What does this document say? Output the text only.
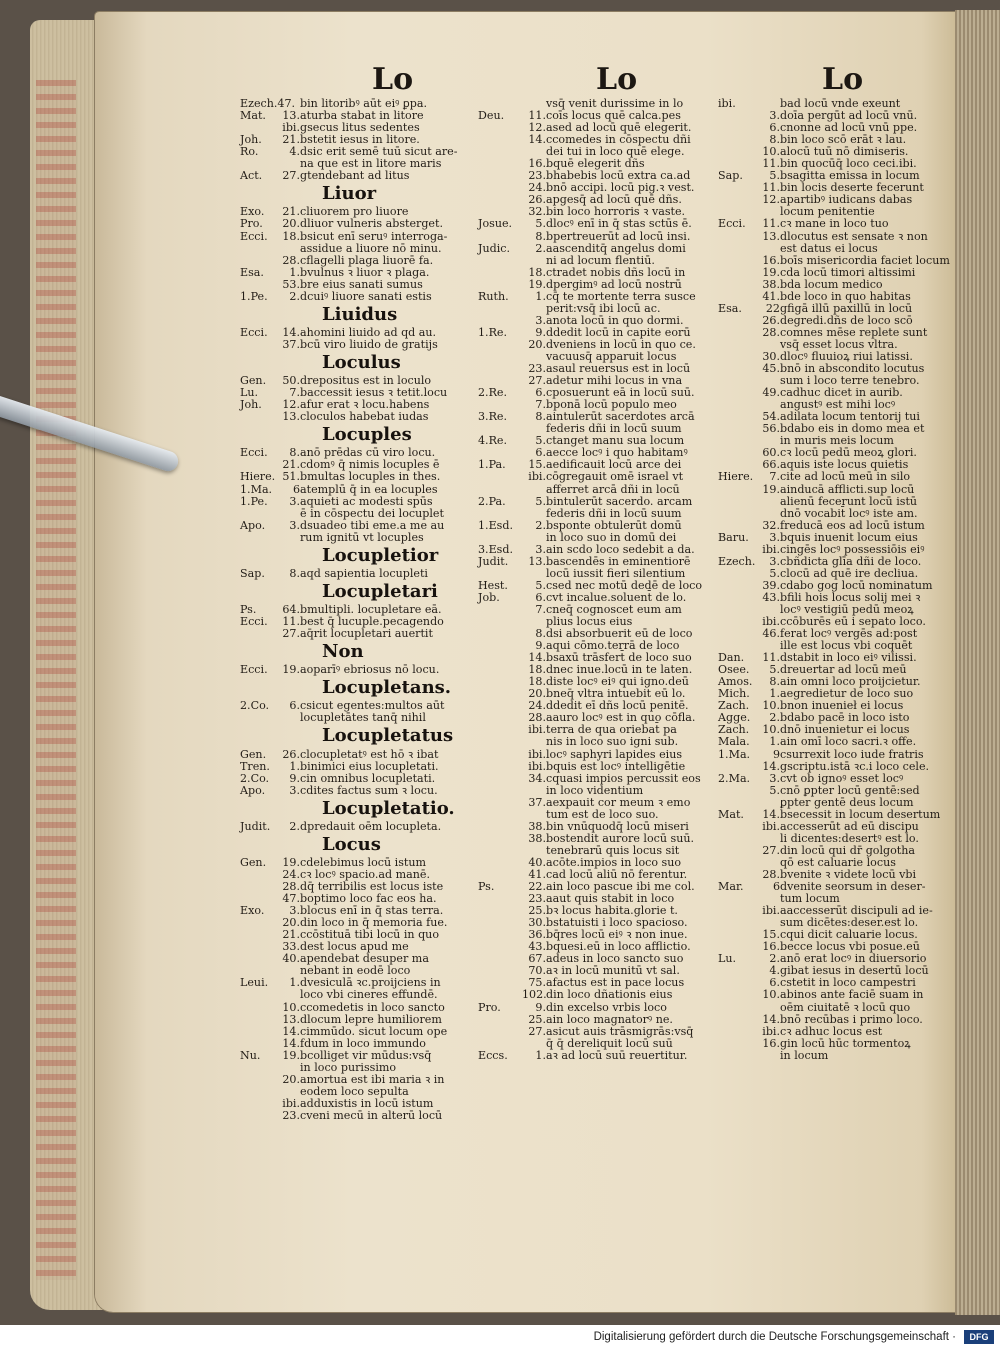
Lo	Lo	Lo
Ezech.47. bin litoribꝰ aūt eiꝰ ꝑpa.
Mat. 13.aturba stabat in litore
ibi.gsecus litus sedentes
Joh. 21.bstetit iesus in litore.
Ro.	4.dsic erit semē tuū sicut are-
na que est in litore maris
Act. 27.gtendebant ad litus
Liuor
Exo. 21.cliuorem pro liuore
Pro. 20.dliuor vulneris absterget.
Ecci. 18.bsicut enī seruꝰ interroga-
assidue a liuore nō minu.
28.cflagelli plaga liuorē fa.
Esa. 1.bvulnus ꝛ liuor ꝛ plaga.
53.bre eius sanati sumus
1.Pe. 2.dcuiꝰ liuore sanati estis
Liuidus
Ecci. 14.ahomini liuido ad qd au.
37.bcū viro liuido de gratijs
Loculus
Gen. 50.drepositus est in loculo
Lu.	7.baccessit iesus ꝛ tetit.locu
Joh. 12.afur erat ꝛ locu.habens
13.cloculos habebat iudas
Locuples
Ecci. 8.anō prēdas cū viro locu.
21.cdomꝰ q̄ nimis locuples ē
Hiere. 51.bmultas locuples in thes.
1.Ma. 6atemplū q̄ in ea locuples
1.Pe. 3.aquieti ac modesti spūs
ē in cōspectu dei locuplet
Apo. 3.dsuadeo tibi eme.a me au
rum ignitū vt locuples
Locupletior
Sap. 8.aqd sapientia locupleti
Locupletari
Ps. 64.bmultipli. locupletare eā.
Ecci. 11.best q̄ lucuple.pecagendo
27.aq̄rit locupletari auertit
Non
Ecci. 19.aoparīꝰ ebriosus nō locu.
Locupletans.
2.Co. 6.csicut egentes:multos aūt
locupletātes tanq̄ nihil
Locupletatus
Gen. 26.clocupletatꝰ est hō ꝛ ibat
Tren. 1.binimici eius locupletati.
2.Co. 9.cin omnibus locupletati.
Apo. 3.cdites factus sum ꝛ locu.
Locupletatio.
Judit. 2.dpredauit oēm locupleta.
Locus
Gen. 19.cdelebimus locū istum
24.cꝛ locꝰ spacio.ad manē.
28.dq̄ terribilis est locus iste
47.boptimo loco fac eos ha.
Exo. 3.blocus enī in q̄ stas terra.
20.din loco in q̄ memoria fue.
21.ccōstituā tibi locū in quo
33.dest locus apud me
40.apendebat desuper ma
nebant in eodē loco
Leui. 1.dvesiculā ꝛc.proijciens in
loco vbi cineres effundē.
10.ccomedetis in loco sancto
13.dlocum lepre humiliorem
14.cimmūdo. sicut locum ope
14.fdum in loco immundo
Nu. 19.bcolliget vir mūdus:vsq̄
in loco purissimo
20.amortua est ibi maria ꝛ in
eodem loco sepulta
ibi.adduxistis in locū istum
23.cveni mecū in alterū locū
vsq̄ venit durissime in lo
Deu. 11.coīs locus quē calca.pes
12.ased ad locū quē elegerit.
14.ccomedes in cōspectu dñi
dei tui in loco quē elege.
16.bquē elegerit dñs
23.bhabebis locū extra ca.ad
24.bnō accipi. locū pig.ꝛ vest.
26.apgesq̄ ad locū quē dñs.
32.bin loco horroris ꝛ vaste.
Josue. 5.dlocꝰ enī in q̄ stas sctūs ē.
8.bpertreuerūt ad locū insi.
Judic. 2.aascenditq̄ angelus domi
ni ad locum flentiū.
18.ctradet nobis dñs locū in
19.dpergimꝰ ad locū nostrū
Ruth. 1.cq̄ te mortente terra susce
perit:vsq̄ ibi locū ac.
3.anota locū in quo dormi.
1.Re.	9.ddedit locū in capite eorū
20.dveniens in locū in quo ce.
vacuusq̄ apparuit locus
23.asaul reuersus est in locū
27.adetur mihi locus in vna
2.Re.	6.cposuerunt eā in locū suū.
7.bponā locū populo meo
3.Re.	8.aintulerūt sacerdotes arcā
federis dñi in locū suum
4.Re.	5.ctanget manu sua locum
6.aecce locꝰ i quo habitamꝰ
1.Pa. 15.aedificauit locū arce dei
ibi.cōgregauit omē israel vt
afferret arcā dñi in locū
2.Pa.	5.bintulerūt sacerdo. arcam
federis dñi in locū suum
1.Esd. 2.bsponte obtulerūt domū
in loco suo in domū dei
3.Esd. 3.ain scdo loco sedebit a da.
Judit. 13.bascendēs in eminentiorē
locū iussit fieri silentium
Hest. 5.csed nec motū dedē de loco
Job.	6.cvt incalue.soluent̄ de lo.
7.cneq̄ cognoscet eum am
plius locus eius
8.dsi absorbuerit eū de loco
9.aqui cōmo.terrā de loco
14.bsaxū trāsfert̄ de loco suo
18.dnec inue.locū in te laten.
18.diste locꝰ eiꝰ qui igno.deū
20.bneq̄ vltra intuebit eū lo.
24.ddedit eī dñs locū penitē.
28.aauro locꝰ est in quo cōfla.
ibi.terra de qua oriebat̄ pa
nis in loco suo igni sub.
ibi.locꝰ saphyri lapides eius
ibi.bquis est locꝰ intelligētie
34.cquasi impios percussit eos
in loco videntium
37.aexpauit cor meum ꝛ emo
tum est de loco suo.
38.bin vnūquodq̄ locū miseri
38.bostendit aurore locū suū.
tenebrarū quis locus sit
40.acōte.impios in loco suo
41.cad locū aliū nō ferentur.
Ps.	22.ain loco pascue ibi me col.
23.aaut quis stabit in loco
25.bꝛ locus habita.glorie t.
30.bstatuisti i loco spacioso.
36.bq̄res locū eiꝰ ꝛ non inue.
43.bquesi.eū in loco afflictio.
67.adeus in loco sancto suo
70.aꝛ in locū munitū vt sal.
75.afactus est in pace locus
102.din loco dñationis eius
Pro.	9.din excelso vrbis loco
25.ain loco magnatorꝰ ne.
27.asicut auis trāsmigrās:vsq̄
q̄ q̄ dereliquit locū suū
Eccs. 1.aꝛ ad locū suū reuertitur.
ibi.	bad locū vnde exeunt
3.doīa pergūt ad locū vnū.
6.cnonne ad locū vnū ppe.
8.bin loco scō erāt ꝛ lau.
10.alocū tuū nō dimiseris.
11.bin quocūq̄ loco ceci.ibi.
Sap. 5.bsagitta emissa in locum
11.bin locis deserte fecerunt
12.apartibꝰ iudicans dabas
locum penitentie
Ecci. 11.cꝛ mane in loco tuo
13.dlocutus est sensate ꝛ non
est datus ei locus
16.boīs misericordia faciet locum
19.cda locū timori altissimi
38.bda locum medico
41.bde loco in quo habitas
Esa. 22gfigā illū paxillū in locū
26.degredi.dñs de loco scō
28.comnes mēse replete sunt
vsq̄ esset locus vltra.
30.dlocꝰ fluuioꝝ riui latissi.
45.bnō in abscondito locutus
sum i loco terre tenebro.
49.cadhuc dicet in aurib.
angustꝰ est mihi locꝰ
54.adilata locum tentorij tui
56.bdabo eis in domo mea et
in muris meis locum
60.cꝛ locū pedū meoꝝ glori.
66.aquis iste locus quietis
Hiere. 7.cite ad locū meū in silo
19.ainducā afflicti.sup locū
alienū fecerunt locū istū
dnō vocabit̄ locꝰ iste am.
32.freducā eos ad locū istum
Baru. 3.bquis inuenit locum eius
ibi.cingēs locꝰ possessiōis eiꝰ
Ezech. 3.cbñdicta glīa dñi de loco.
5.clocū ad quē ire decliua.
39.cdabo gog locū nominatum
43.bfili hois locus solij mei ꝛ
locꝰ vestigiū pedū meoꝝ
ibi.ccōburēs eū i sepato loco.
46.ferat locꝰ vergēs ad:post
ille est locus vbi coquēt
Dan. 11.dstabit in loco eiꝰ vilissi.
Osee. 5.dreuertar ad locū meū
Amos. 8.ain omni loco proijcietur.
Mich. 1.aegredietur de loco suo
Zach. 10.bnon inuenieł ei locus
Agge. 2.bdabo pacē in loco isto
Zach. 10.dnō inuenietur ei locus
Mala. 1.ain omī loco sacri.ꝛ offe.
1.Ma. 9csurrexit loco iude fratris
14.gscriptu.istā ꝛc.i loco cele.
2.Ma. 3.cvt ob ignoꝰ esset locꝰ
5.cnō ꝑpter locū gentē:sed
ꝑpter gentē deus locum
Mat. 14.bsecessit in locum desertum
ibi.accesserūt ad eū discipu
li dicentes:desertꝰ est lo.
27.din locū qui dr̄ golgotha
qō est caluarie locus
28.bvenite ꝛ videte locū vbi
Mar.	6dvenite seorsum in deser-
tum locum
ibi.aaccesserūt discipuli ad ie-
sum dicētes:deser.est lo.
15.cqui dicit caluarie locus.
16.becce locus vbi posue.eū
Lu.	2.anō erat locꝰ in diuersorio
4.gibat iesus in desertū locū
6.cstetit in loco campestri
10.abinos ante faciē suam in
oēm ciuitatē ꝛ locū quo
14.bnō recūbas i primo loco.
ibi.cꝛ adhuc locus est
16.gin locū hūc tormentoꝝ
in locum
Digitalisierung gefördert durch die Deutsche Forschungsgemeinschaft ·	DFG
